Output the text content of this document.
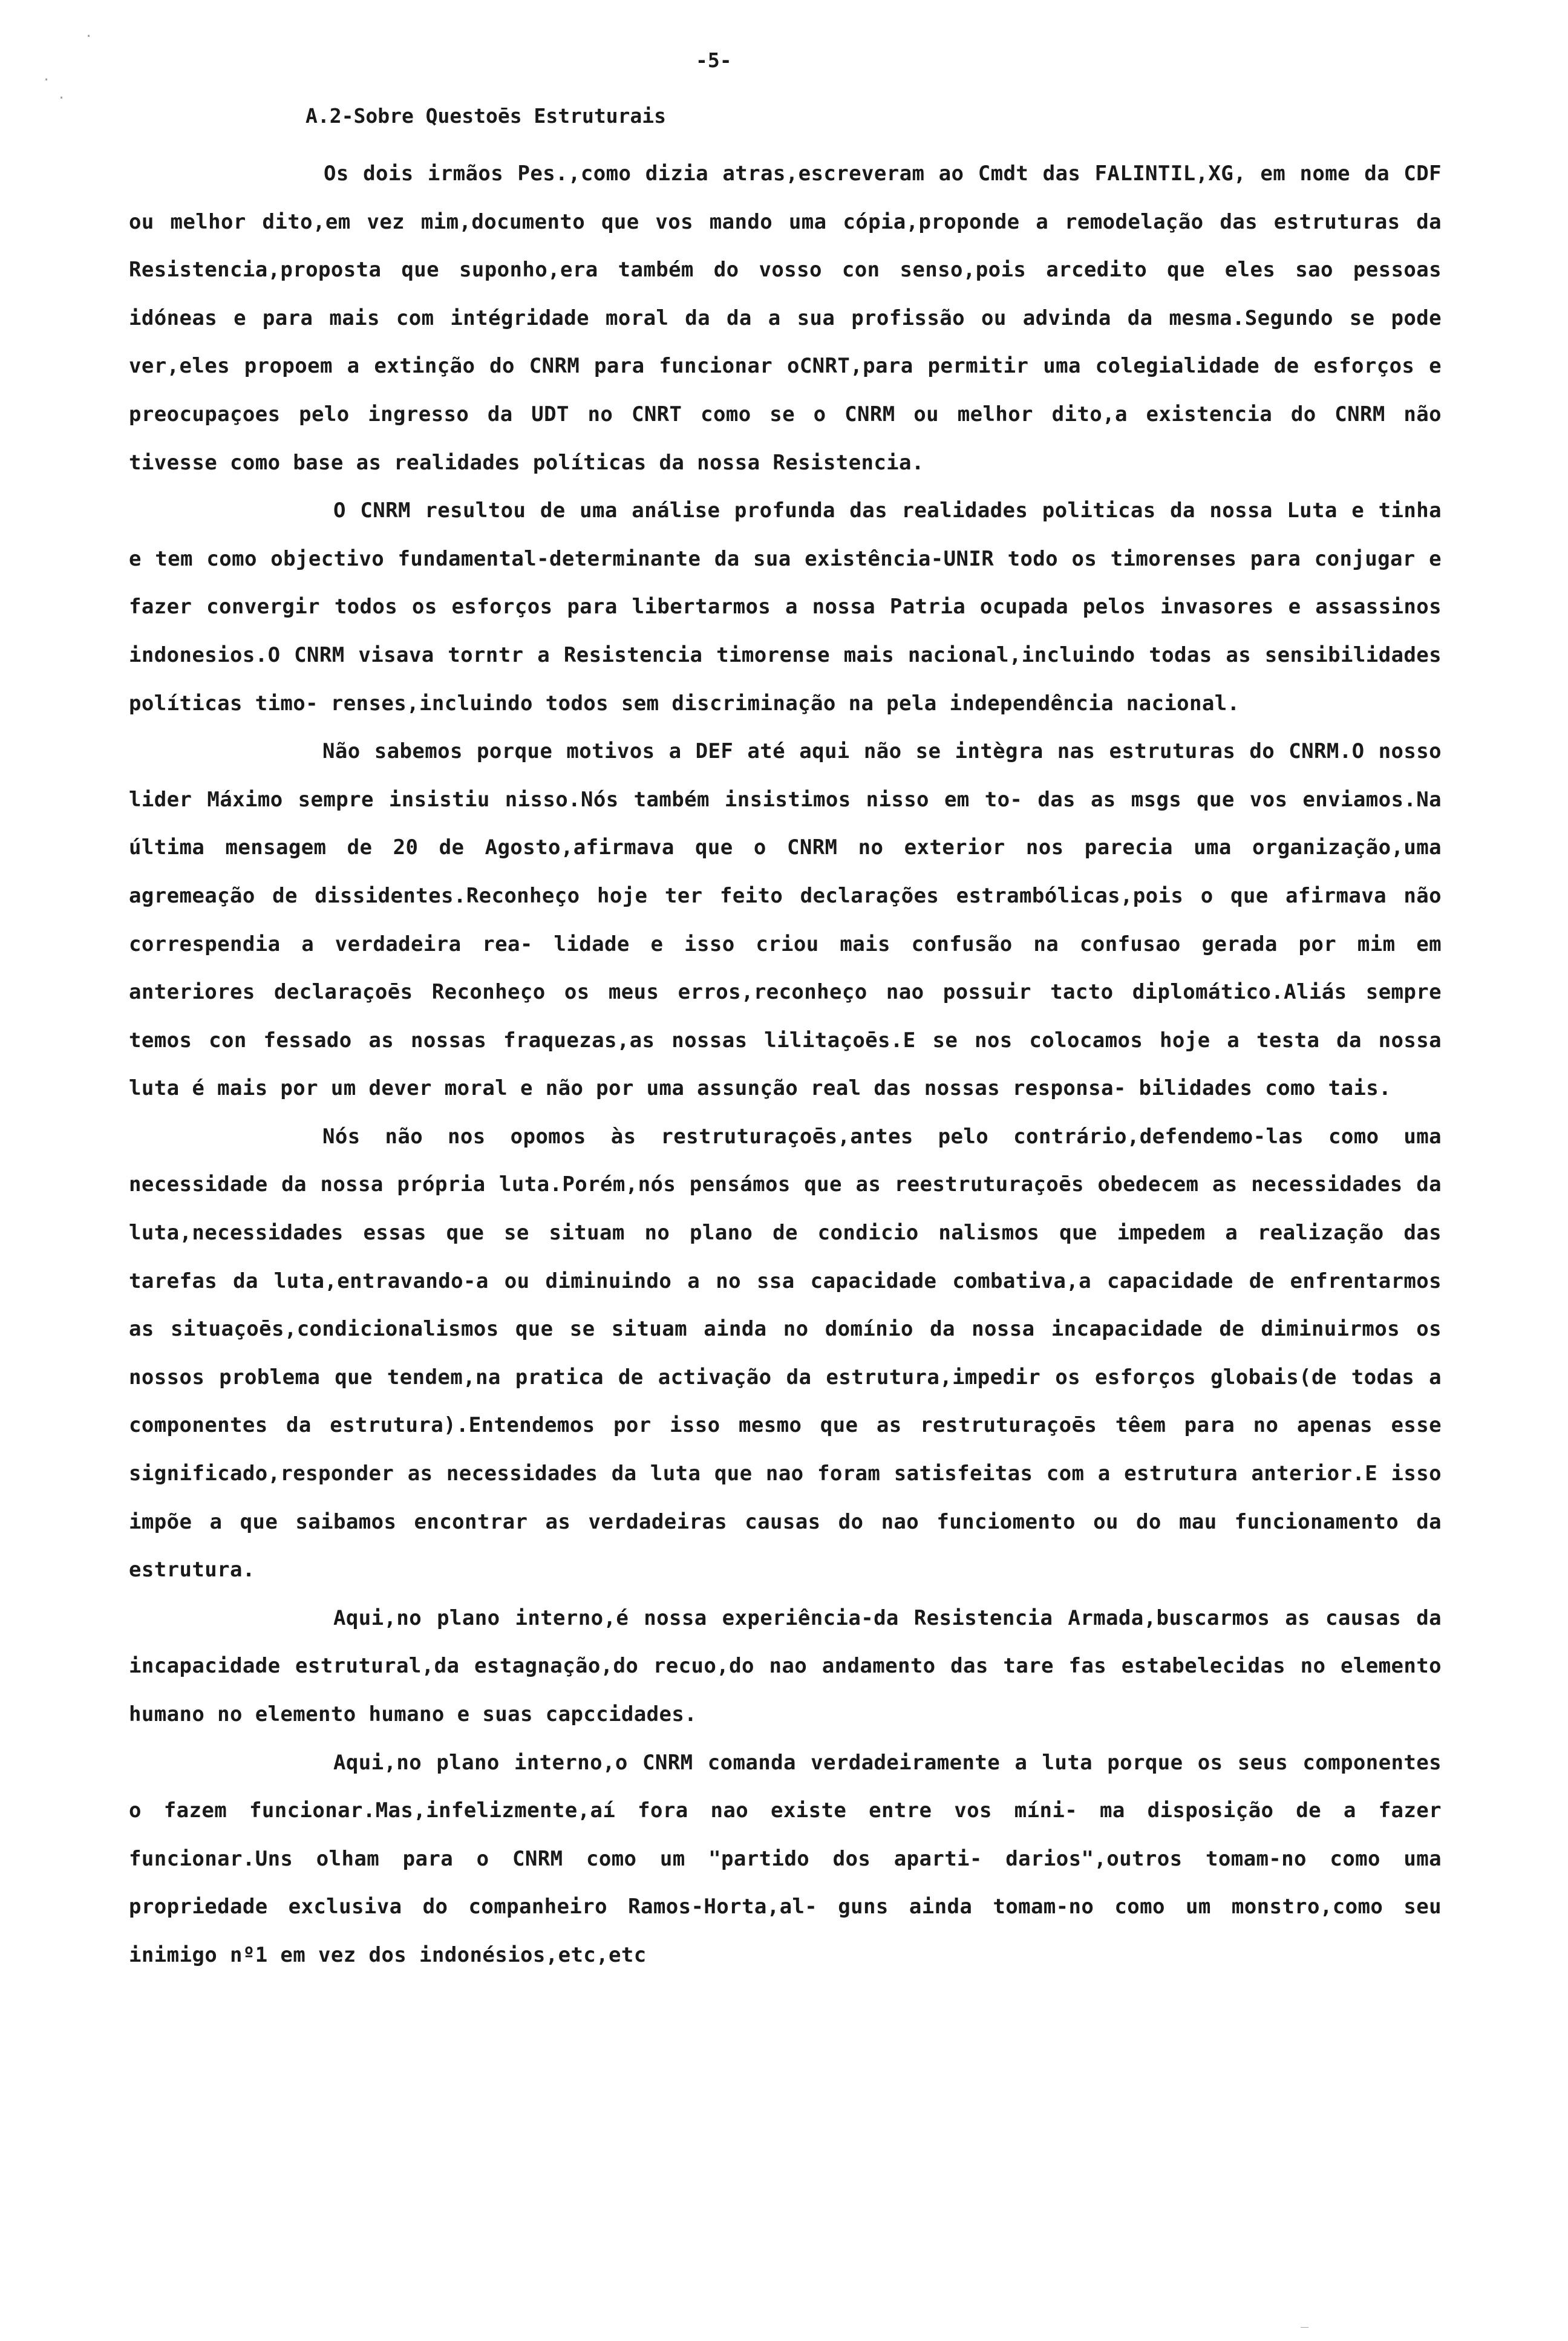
·
·
·
‾
-5-
A.2-Sobre Questoēs Estruturais

Os dois irmãos Pes.,como dizia atras,escreveram ao Cmdt das FALINTIL,XG, em nome da CDF ou melhor dito,em vez mim,documento que vos mando uma cópia,proponde a remodelação das estruturas da Resistencia,proposta que suponho,era também do vosso con senso,pois arcedito que eles sao pessoas idóneas e para mais com intégridade moral da da a sua profissão ou advinda da mesma.Segundo se pode ver,eles propoem a extinção do CNRM para funcionar oCNRT,para permitir uma colegialidade de esforços e preocupaçoes pelo ingresso da UDT no CNRT como se o CNRM ou melhor dito,a existencia do CNRM não tivesse como base as realidades políticas da nossa Resistencia.

O CNRM resultou de uma análise profunda das realidades politicas da nossa Luta e tinha e tem como objectivo fundamental-determinante da sua existência-UNIR todo os timorenses para conjugar e fazer convergir todos os esforços para libertarmos a nossa Patria ocupada pelos invasores e assassinos indonesios.O CNRM visava torntr a Resistencia timorense mais nacional,incluindo todas as sensibilidades políticas timo- renses,incluindo todos sem discriminação na pela independência nacional.

Não sabemos porque motivos a DEF até aqui não se intègra nas estruturas do CNRM.O nosso lider Máximo sempre insistiu nisso.Nós também insistimos nisso em to- das as msgs que vos enviamos.Na última mensagem de 20 de Agosto,afirmava que o CNRM no exterior nos parecia uma organização,uma agremeação de dissidentes.Reconheço hoje ter feito declarações estrambólicas,pois o que afirmava não correspendia a verdadeira rea- lidade e isso criou mais confusão na confusao gerada por mim em anteriores declaraçoēs Reconheço os meus erros,reconheço nao possuir tacto diplomático.Aliás sempre temos con fessado as nossas fraquezas,as nossas lilitaçoēs.E se nos colocamos hoje a testa da nossa luta é mais por um dever moral e não por uma assunção real das nossas responsa- bilidades como tais.

Nós não nos opomos às restruturaçoēs,antes pelo contrário,defendemo-las como uma necessidade da nossa própria luta.Porém,nós pensámos que as reestruturaçoēs obedecem as necessidades da luta,necessidades essas que se situam no plano de condicio nalismos que impedem a realização das tarefas da luta,entravando-a ou diminuindo a no ssa capacidade combativa,a capacidade de enfrentarmos as situaçoēs,condicionalismos que se situam ainda no domínio da nossa incapacidade de diminuirmos os nossos problema que tendem,na pratica de activação da estrutura,impedir os esforços globais(de todas a componentes da estrutura).Entendemos por isso mesmo que as restruturaçoēs têem para no apenas esse significado,responder as necessidades da luta que nao foram satisfeitas com a estrutura anterior.E isso impõe a que saibamos encontrar as verdadeiras causas do nao funciomento ou do mau funcionamento da estrutura.

Aqui,no plano interno,é nossa experiência-da Resistencia Armada,buscarmos as causas da incapacidade estrutural,da estagnação,do recuo,do nao andamento das tare fas estabelecidas no elemento humano no elemento humano e suas capccidades.

Aqui,no plano interno,o CNRM comanda verdadeiramente a luta porque os seus componentes o fazem funcionar.Mas,infelizmente,aí fora nao existe entre vos míni- ma disposição de a fazer funcionar.Uns olham para o CNRM como um "partido dos aparti- darios",outros tomam-no como uma propriedade exclusiva do companheiro Ramos-Horta,al- guns ainda tomam-no como um monstro,como seu inimigo nº1 em vez dos indonésios,etc,etc
